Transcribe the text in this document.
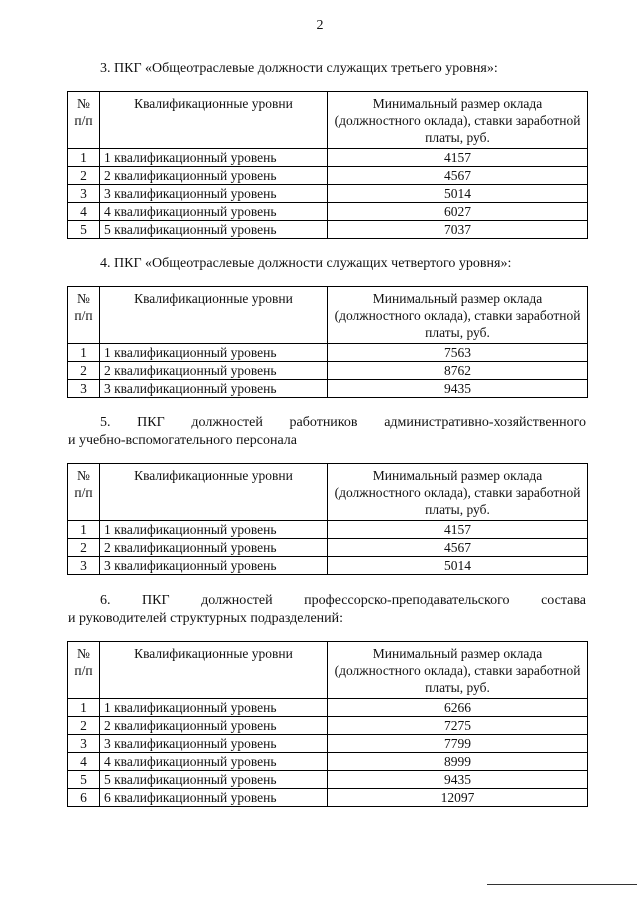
2
3. ПКГ «Общеотраслевые должности служащих третьего уровня»:
№ п/п	Квалификационные уровни	Минимальный размер оклада (должностного оклада), ставки заработной платы, руб.
1	1 квалификационный уровень	4157
2	2 квалификационный уровень	4567
3	3 квалификационный уровень	5014
4	4 квалификационный уровень	6027
5	5 квалификационный уровень	7037
4. ПКГ «Общеотраслевые должности служащих четвертого уровня»:
№ п/п	Квалификационные уровни	Минимальный размер оклада (должностного оклада), ставки заработной платы, руб.
1	1 квалификационный уровень	7563
2	2 квалификационный уровень	8762
3	3 квалификационный уровень	9435
5. ПКГ должностей работников административно-хозяйственного
и учебно-вспомогательного персонала
№ п/п	Квалификационные уровни	Минимальный размер оклада (должностного оклада), ставки заработной платы, руб.
1	1 квалификационный уровень	4157
2	2 квалификационный уровень	4567
3	3 квалификационный уровень	5014
6. ПКГ должностей профессорско-преподавательского состава
и руководителей структурных подразделений:
№ п/п	Квалификационные уровни	Минимальный размер оклада (должностного оклада), ставки заработной платы, руб.
1	1 квалификационный уровень	6266
2	2 квалификационный уровень	7275
3	3 квалификационный уровень	7799
4	4 квалификационный уровень	8999
5	5 квалификационный уровень	9435
6	6 квалификационный уровень	12097
